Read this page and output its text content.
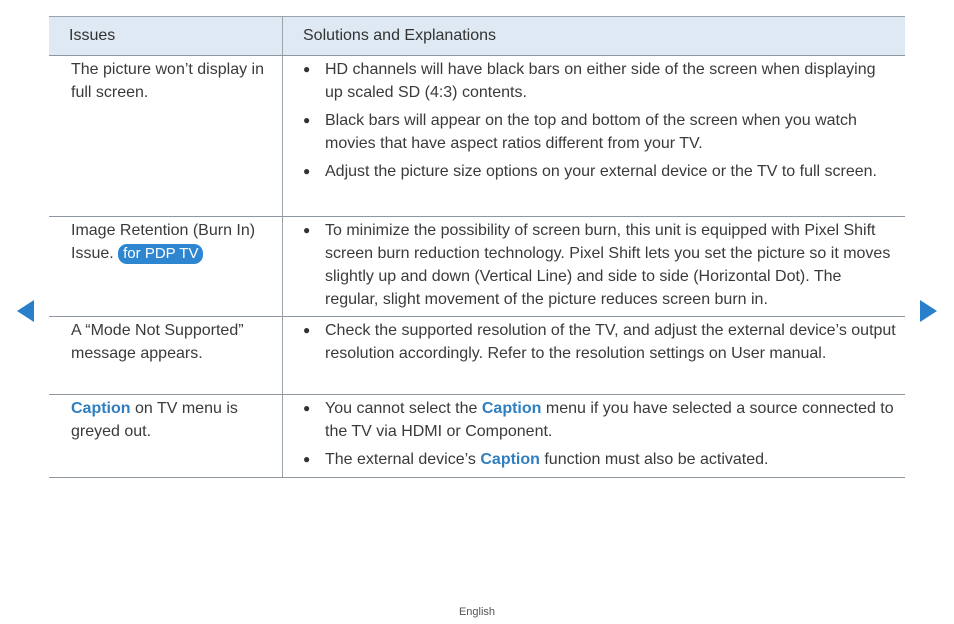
Issues	Solutions and Explanations
The picture won’t display in full screen.
● HD channels will have black bars on either side of the screen when displaying up scaled SD (4:3) contents.
● Black bars will appear on the top and bottom of the screen when you watch movies that have aspect ratios different from your TV.
● Adjust the picture size options on your external device or the TV to full screen.
Image Retention (Burn In) Issue. for PDP TV
● To minimize the possibility of screen burn, this unit is equipped with Pixel Shift screen burn reduction technology. Pixel Shift lets you set the picture so it moves slightly up and down (Vertical Line) and side to side (Horizontal Dot). The regular, slight movement of the picture reduces screen burn in.
A “Mode Not Supported” message appears.
● Check the supported resolution of the TV, and adjust the external device’s output resolution accordingly. Refer to the resolution settings on User manual.
Caption on TV menu is greyed out.
● You cannot select the Caption menu if you have selected a source connected to the TV via HDMI or Component.
● The external device’s Caption function must also be activated.
English
